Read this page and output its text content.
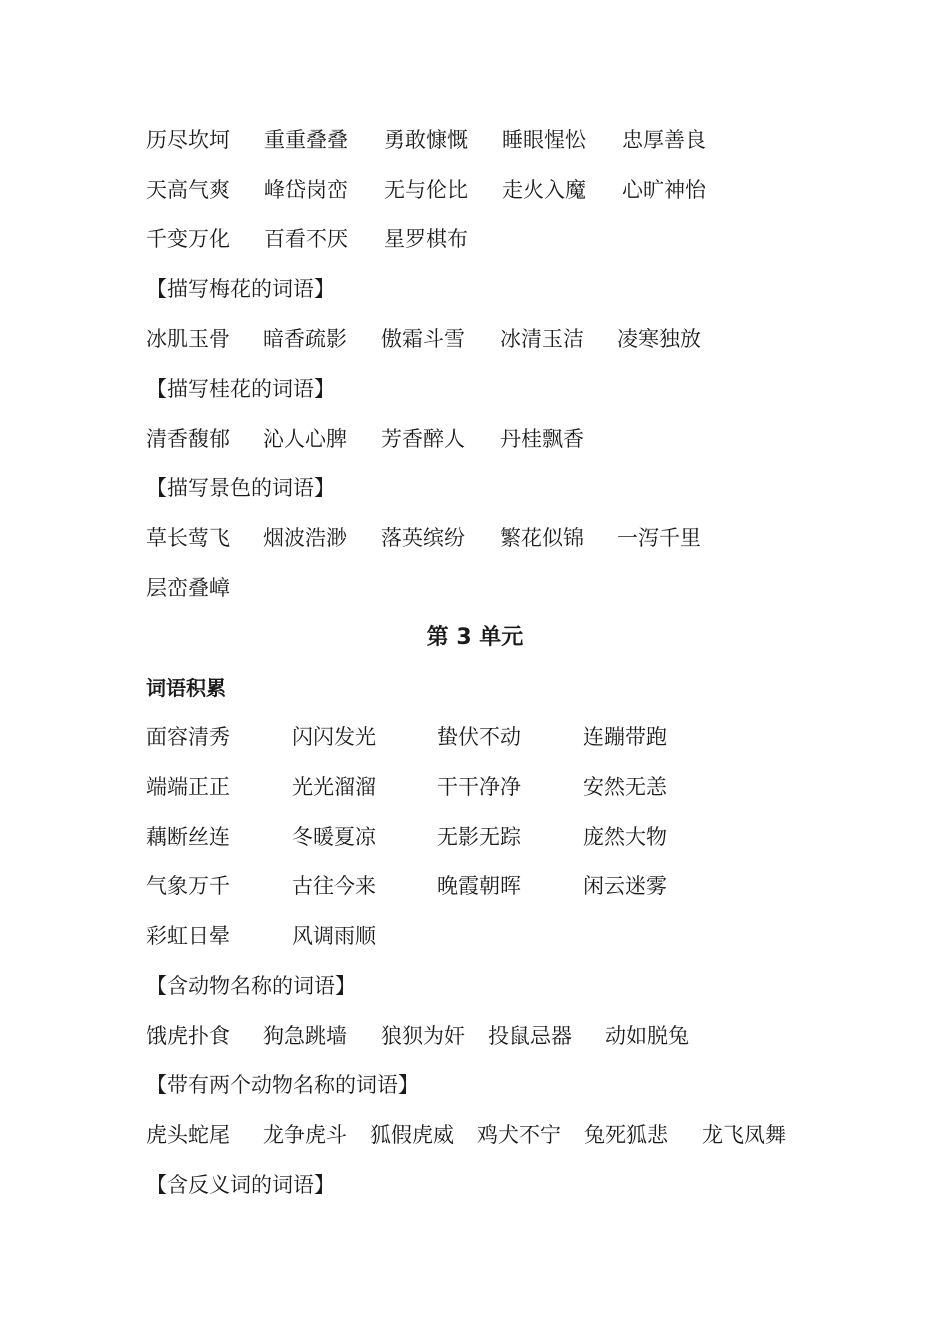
历尽坎坷 重重叠叠 勇敢慷慨 睡眼惺忪 忠厚善良
天高气爽 峰岱岗峦 无与伦比 走火入魔 心旷神怡
千变万化 百看不厌 星罗棋布
【描写梅花的词语】
冰肌玉骨 暗香疏影 傲霜斗雪 冰清玉洁 凌寒独放
【描写桂花的词语】
清香馥郁 沁人心脾 芳香醉人 丹桂飘香
【描写景色的词语】
草长莺飞 烟波浩渺 落英缤纷 繁花似锦 一泻千里
层峦叠嶂
第 3 单元
词语积累
面容清秀	闪闪发光	蛰伏不动	连蹦带跑
端端正正	光光溜溜	干干净净	安然无恙
藕断丝连	冬暖夏凉	无影无踪	庞然大物
气象万千	古往今来	晚霞朝晖	闲云迷雾
彩虹日晕	风调雨顺
【含动物名称的词语】
饿虎扑食 狗急跳墙 狼狈为奸 投鼠忌器 动如脱兔
【带有两个动物名称的词语】
虎头蛇尾 龙争虎斗 狐假虎威 鸡犬不宁 兔死狐悲 龙飞凤舞
【含反义词的词语】
